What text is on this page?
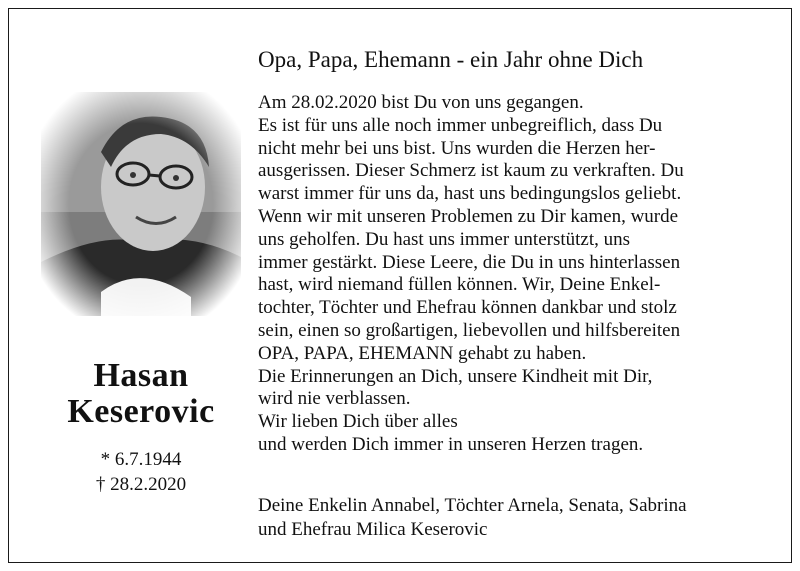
Hasan
Keserovic
* 6.7.1944
† 28.2.2020
Opa, Papa, Ehemann - ein Jahr ohne Dich
Am 28.02.2020 bist Du von uns gegangen.
Es ist für uns alle noch immer unbegreiflich, dass Du
nicht mehr bei uns bist. Uns wurden die Herzen her-
ausgerissen. Dieser Schmerz ist kaum zu verkraften. Du
warst immer für uns da, hast uns bedingungslos geliebt.
Wenn wir mit unseren Problemen zu Dir kamen, wurde
uns geholfen. Du hast uns immer unterstützt, uns
immer gestärkt. Diese Leere, die Du in uns hinterlassen
hast, wird niemand füllen können. Wir, Deine Enkel-
tochter, Töchter und Ehefrau können dankbar und stolz
sein, einen so großartigen, liebevollen und hilfsbereiten
OPA, PAPA, EHEMANN gehabt zu haben.
Die Erinnerungen an Dich, unsere Kindheit mit Dir,
wird nie verblassen.
Wir lieben Dich über alles
und werden Dich immer in unseren Herzen tragen.
Deine Enkelin Annabel, Töchter Arnela, Senata, Sabrina
und Ehefrau Milica Keserovic
